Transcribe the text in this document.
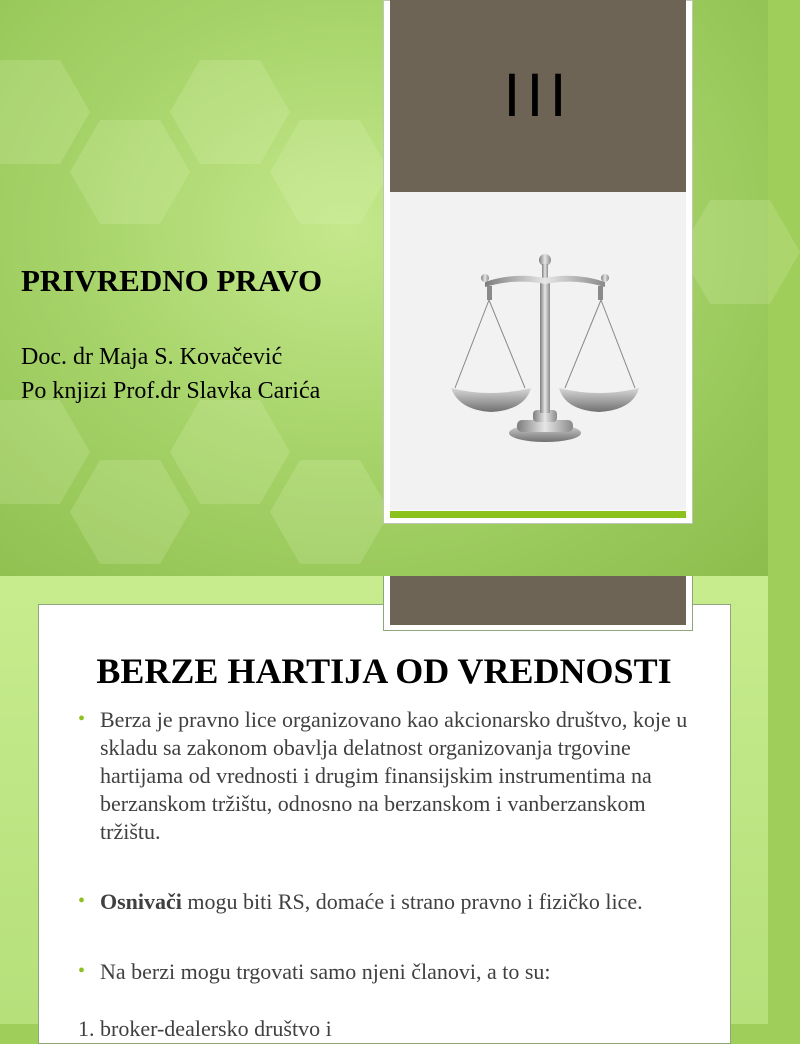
PRIVREDNO PRAVO
Doc. dr Maja S. Kovačević
Po knjizi Prof.dr Slavka Carića
III
BERZE HARTIJA OD VREDNOSTI
• Berza je pravno lice organizovano kao akcionarsko društvo, koje u skladu sa zakonom obavlja delatnost organizovanja trgovine hartijama od vrednosti i drugim finansijskim instrumentima na berzanskom tržištu, odnosno na berzanskom i vanberzanskom tržištu.
• Osnivači mogu biti RS, domaće i strano pravno i fizičko lice.
• Na berzi mogu trgovati samo njeni članovi, a to su:
1. broker-dealersko društvo i
